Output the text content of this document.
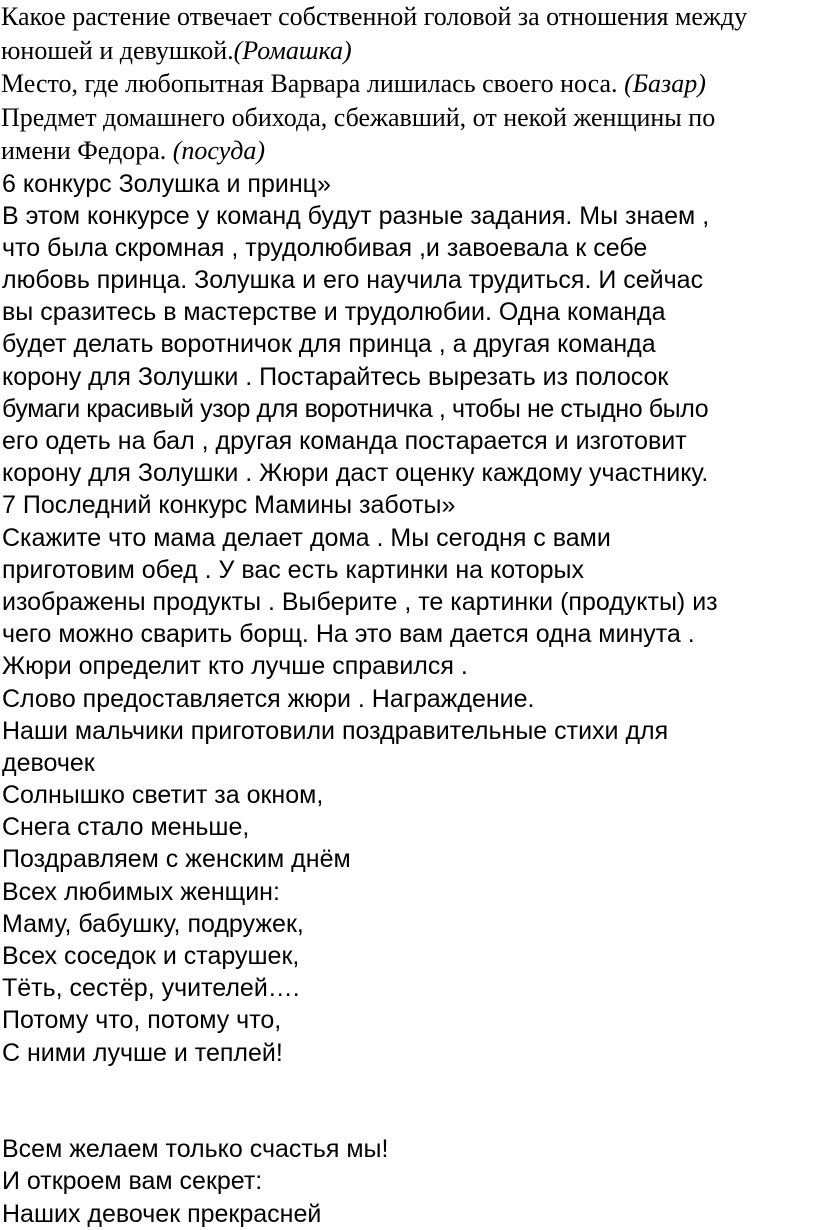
Какое растение отвечает собственной головой за отношения между
юношей и девушкой.(Ромашка)
Место, где любопытная Варвара лишилась своего носа. (Базар)
Предмет домашнего обихода, сбежавший, от некой женщины по
имени Федора. (посуда)
6 конкурс Золушка и принц»
В этом конкурсе у команд будут разные задания. Мы знаем ,
что была скромная , трудолюбивая ,и завоевала к себе
любовь принца. Золушка и его научила трудиться. И сейчас
вы сразитесь в мастерстве и трудолюбии. Одна команда
будет делать воротничок для принца , а другая команда
корону для Золушки . Постарайтесь вырезать из полосок
бумаги красивый узор для воротничка , чтобы не стыдно было
его одеть на бал , другая команда постарается и изготовит
корону для Золушки . Жюри даст оценку каждому участнику.
7 Последний конкурс Мамины заботы»
Скажите что мама делает дома . Мы сегодня с вами
приготовим обед . У вас есть картинки на которых
изображены продукты . Выберите , те картинки (продукты) из
чего можно сварить борщ. На это вам дается одна минута .
Жюри определит кто лучше справился .
Слово предоставляется жюри . Награждение.
Наши мальчики приготовили поздравительные стихи для
девочек
Солнышко светит за окном,
Снега стало меньше,
Поздравляем с женским днём
Всех любимых женщин:
Маму, бабушку, подружек,
Всех соседок и старушек,
Тёть, сестёр, учителей….
Потому что, потому что,
С ними лучше и теплей!
Всем желаем только счастья мы!
И откроем вам секрет:
Наших девочек прекрасней
